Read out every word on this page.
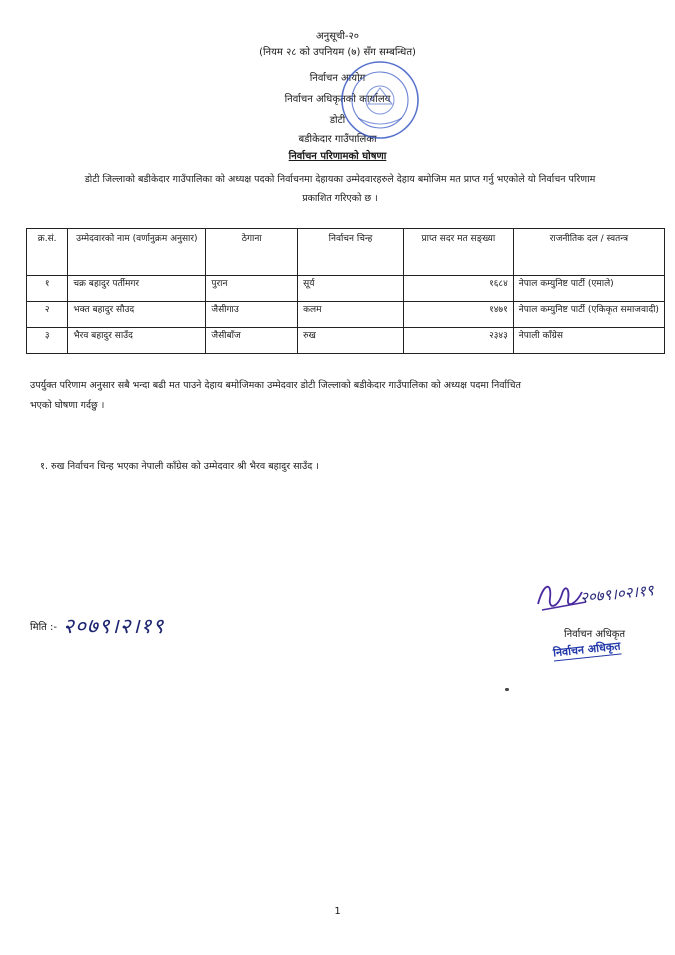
अनुसूची-२०
(नियम २८ को उपनियम (७) सँग सम्बन्धित)
निर्वाचन आयोग
निर्वाचन अधिकृतको कार्यालय
डोटी
बडीकेदार गाउँपालिका
निर्वाचन परिणामको घोषणा
डोटी जिल्लाको बडीकेदार गाउँपालिका को अध्यक्ष पदको निर्वाचनमा देहायका उम्मेदवारहरुले देहाय बमोजिम मत प्राप्त गर्नु भएकोले यो निर्वाचन परिणाम प्रकाशित गरिएको छ ।
क्र.सं.	उम्मेदवारको नाम (वर्णानुक्रम अनुसार)	ठेगाना	निर्वाचन चिन्ह	प्राप्त सदर मत सङ्ख्या	राजनीतिक दल / स्वतन्त्र
१	चक्र बहादुर पर्तीमगर	पुरान	सूर्य	१६८४	नेपाल कम्युनिष्ट पार्टी (एमाले)
२	भक्त बहादुर सौउद	जैसीगाउ	कलम	१४७१	नेपाल कम्युनिष्ट पार्टी (एकिकृत समाजवादी)
३	भैरव बहादुर साउँद	जैसीबाँज	रुख	२३४३	नेपाली काँग्रेस
उपर्युक्त परिणाम अनुसार सबै भन्दा बढी मत पाउने देहाय बमोजिमका उम्मेदवार डोटी जिल्लाको बडीकेदार गाउँपालिका को अध्यक्ष पदमा निर्वाचित भएको घोषणा गर्दछु ।
१. रुख निर्वाचन चिन्ह भएका नेपाली काँग्रेस को उम्मेदवार श्री भैरव बहादुर साउँद ।
मिति :- २०७९।२।१९
२०७९।०२।१९
निर्वाचन अधिकृत
निर्वाचन अधिकृत
1
